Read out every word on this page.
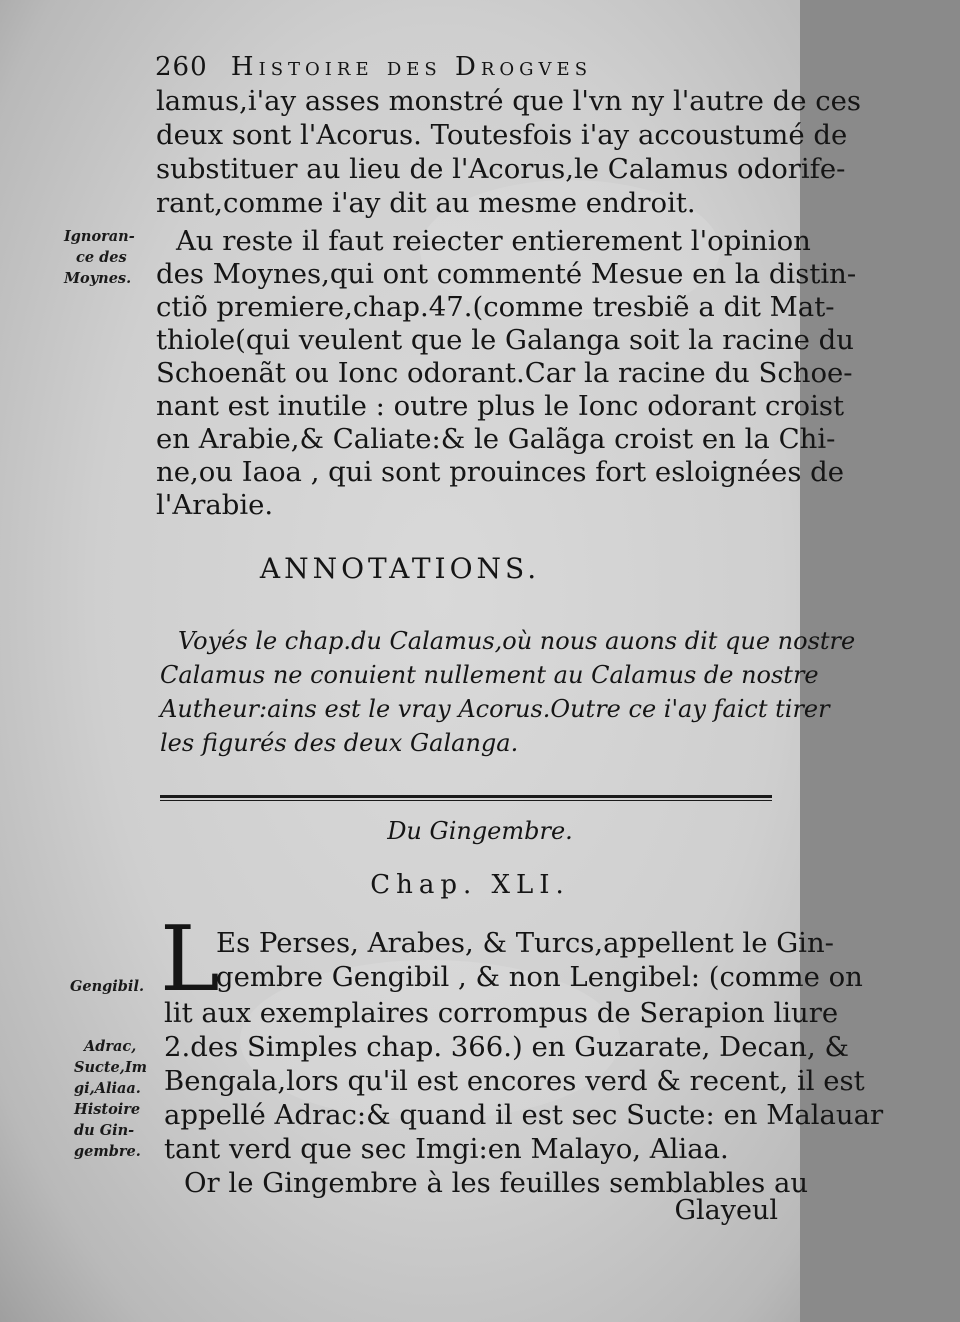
260 Histoire des Drogves
lamus,i'ay asses monstré que l'vn ny l'autre de ces
deux sont l'Acorus. Toutesfois i'ay accoustumé de
substituer au lieu de l'Acorus,le Calamus odorife-
rant,comme i'ay dit au mesme endroit.
Au reste il faut reiecter entierement l'opinion
des Moynes,qui ont commenté Mesue en la distin-
ctiõ premiere,chap.47.(comme tresbiẽ a dit Mat-
thiole(qui veulent que le Galanga soit la racine du
Schoenãt ou Ionc odorant.Car la racine du Schoe-
nant est inutile : outre plus le Ionc odorant croist
en Arabie,& Caliate:& le Galãga croist en la Chi-
ne,ou Iaoa , qui sont prouinces fort esloignées de
l'Arabie.
Ignoran-
ce des
Moynes.
ANNOTATIONS.
Voyés le chap.du Calamus,où nous auons dit que nostre
Calamus ne conuient nullement au Calamus de nostre
Autheur:ains est le vray Acorus.Outre ce i'ay faict tirer
les figurés des deux Galanga.
Du Gingembre.
Chap. XLI.
L
Es Perses, Arabes, & Turcs,appellent le Gin-
gembre Gengibil , & non Lengibel: (comme on
lit aux exemplaires corrompus de Serapion liure
2.des Simples chap. 366.) en Guzarate, Decan, &
Bengala,lors qu'il est encores verd & recent, il est
appellé Adrac:& quand il est sec Sucte: en Malauar
tant verd que sec Imgi:en Malayo, Aliaa.
Or le Gingembre à les feuilles semblables au
Gengibil.
Adrac,
Sucte,Im
gi,Aliaa.
Histoire
du Gin-
gembre.
Glayeul
